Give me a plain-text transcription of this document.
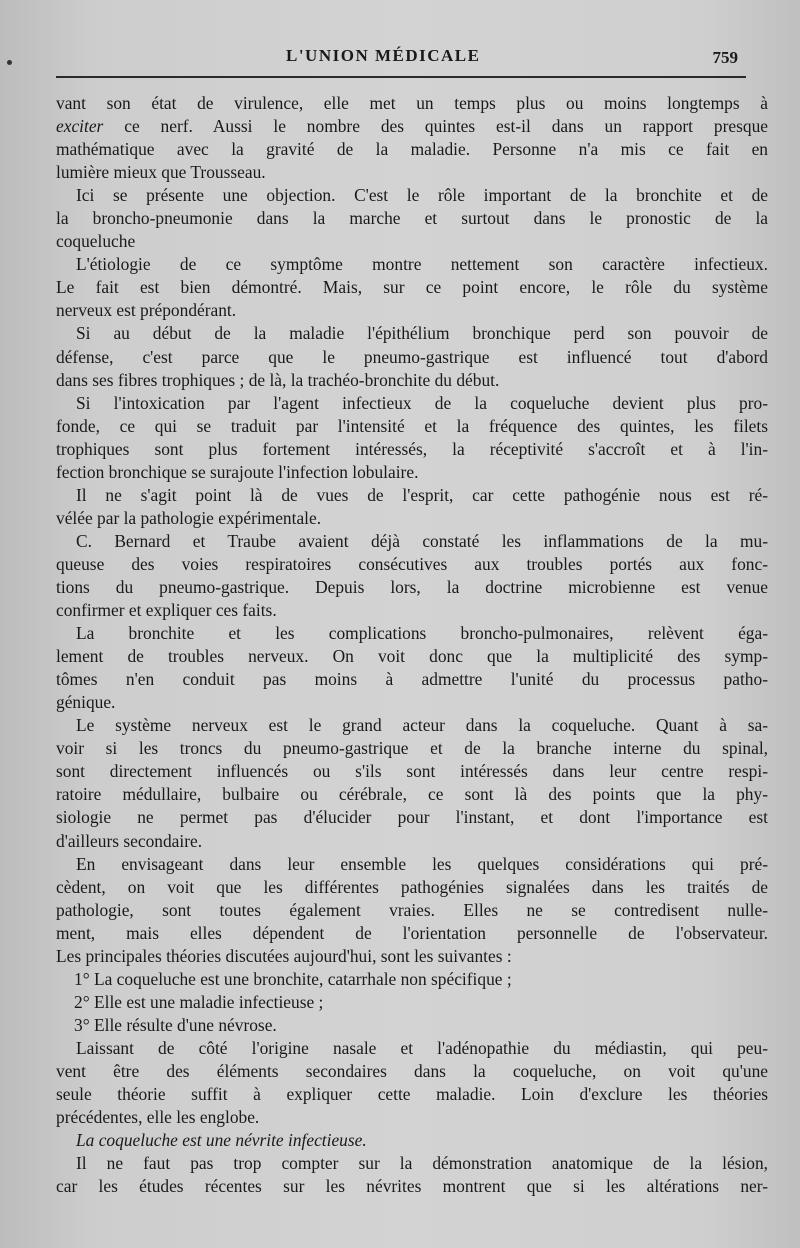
L'UNION MÉDICALE	759
vant son état de virulence, elle met un temps plus ou moins longtemps à
exciter ce nerf. Aussi le nombre des quintes est-il dans un rapport presque
mathématique avec la gravité de la maladie. Personne n'a mis ce fait en
lumière mieux que Trousseau.
Ici se présente une objection. C'est le rôle important de la bronchite et de
la broncho-pneumonie dans la marche et surtout dans le pronostic de la
coqueluche
L'étiologie de ce symptôme montre nettement son caractère infectieux.
Le fait est bien démontré. Mais, sur ce point encore, le rôle du système
nerveux est prépondérant.
Si au début de la maladie l'épithélium bronchique perd son pouvoir de
défense, c'est parce que le pneumo-gastrique est influencé tout d'abord
dans ses fibres trophiques ; de là, la trachéo-bronchite du début.
Si l'intoxication par l'agent infectieux de la coqueluche devient plus pro-
fonde, ce qui se traduit par l'intensité et la fréquence des quintes, les filets
trophiques sont plus fortement intéressés, la réceptivité s'accroît et à l'in-
fection bronchique se surajoute l'infection lobulaire.
Il ne s'agit point là de vues de l'esprit, car cette pathogénie nous est ré-
vélée par la pathologie expérimentale.
C. Bernard et Traube avaient déjà constaté les inflammations de la mu-
queuse des voies respiratoires consécutives aux troubles portés aux fonc-
tions du pneumo-gastrique. Depuis lors, la doctrine microbienne est venue
confirmer et expliquer ces faits.
La bronchite et les complications broncho-pulmonaires, relèvent éga-
lement de troubles nerveux. On voit donc que la multiplicité des symp-
tômes n'en conduit pas moins à admettre l'unité du processus patho-
génique.
Le système nerveux est le grand acteur dans la coqueluche. Quant à sa-
voir si les troncs du pneumo-gastrique et de la branche interne du spinal,
sont directement influencés ou s'ils sont intéressés dans leur centre respi-
ratoire médullaire, bulbaire ou cérébrale, ce sont là des points que la phy-
siologie ne permet pas d'élucider pour l'instant, et dont l'importance est
d'ailleurs secondaire.
En envisageant dans leur ensemble les quelques considérations qui pré-
cèdent, on voit que les différentes pathogénies signalées dans les traités de
pathologie, sont toutes également vraies. Elles ne se contredisent nulle-
ment, mais elles dépendent de l'orientation personnelle de l'observateur.
Les principales théories discutées aujourd'hui, sont les suivantes :
1° La coqueluche est une bronchite, catarrhale non spécifique ;
2° Elle est une maladie infectieuse ;
3° Elle résulte d'une névrose.
Laissant de côté l'origine nasale et l'adénopathie du médiastin, qui peu-
vent être des éléments secondaires dans la coqueluche, on voit qu'une
seule théorie suffit à expliquer cette maladie. Loin d'exclure les théories
précédentes, elle les englobe.
La coqueluche est une névrite infectieuse.
Il ne faut pas trop compter sur la démonstration anatomique de la lésion,
car les études récentes sur les névrites montrent que si les altérations ner-
